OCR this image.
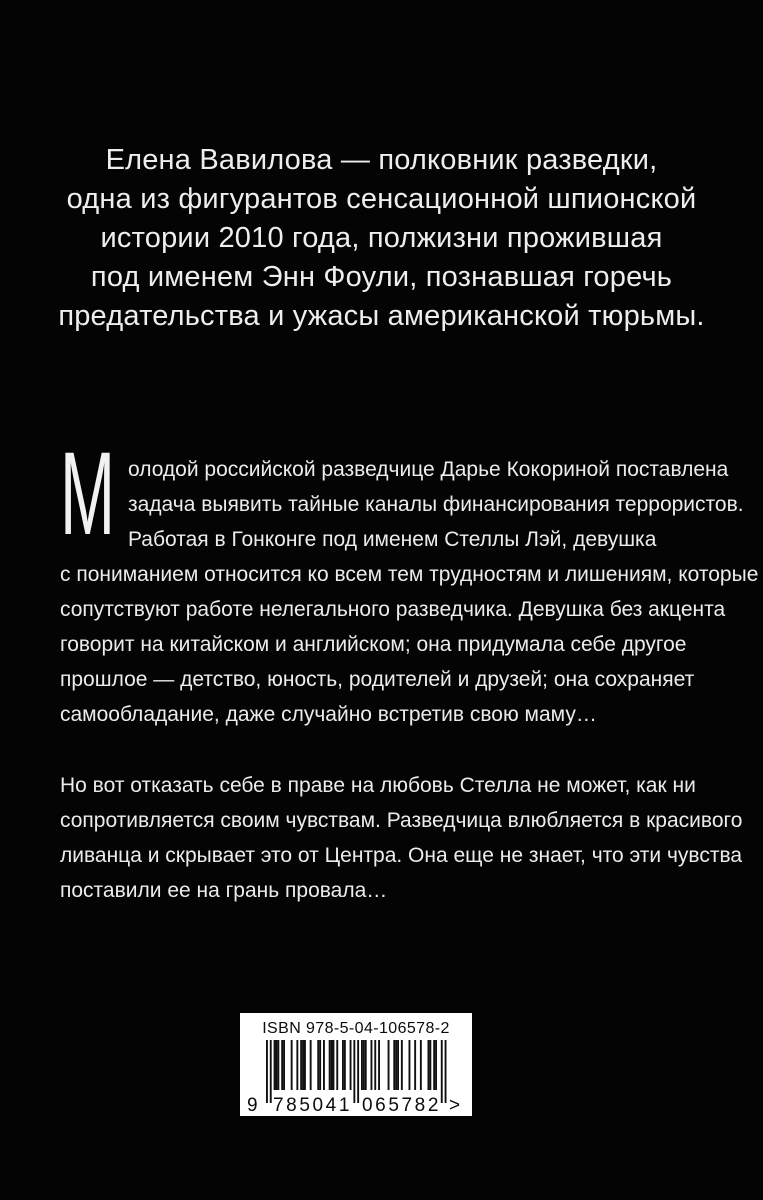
Елена Вавилова — полковник разведки,
одна из фигурантов сенсационной шпионской
истории 2010 года, полжизни прожившая
под именем Энн Фоули, познавшая горечь
предательства и ужасы американской тюрьмы.
М олодой российской разведчице Дарье Кокориной поставлена
задача выявить тайные каналы финансирования террористов.
Работая в Гонконге под именем Стеллы Лэй, девушка
с пониманием относится ко всем тем трудностям и лишениям, которые
сопутствуют работе нелегального разведчика. Девушка без акцента
говорит на китайском и английском; она придумала себе другое
прошлое — детство, юность, родителей и друзей; она сохраняет
самообладание, даже случайно встретив свою маму…
Но вот отказать себе в праве на любовь Стелла не может, как ни
сопротивляется своим чувствам. Разведчица влюбляется в красивого
ливанца и скрывает это от Центра. Она еще не знает, что эти чувства
поставили ее на грань провала…
ISBN 978-5-04-106578-2
9 785041 065782 >
